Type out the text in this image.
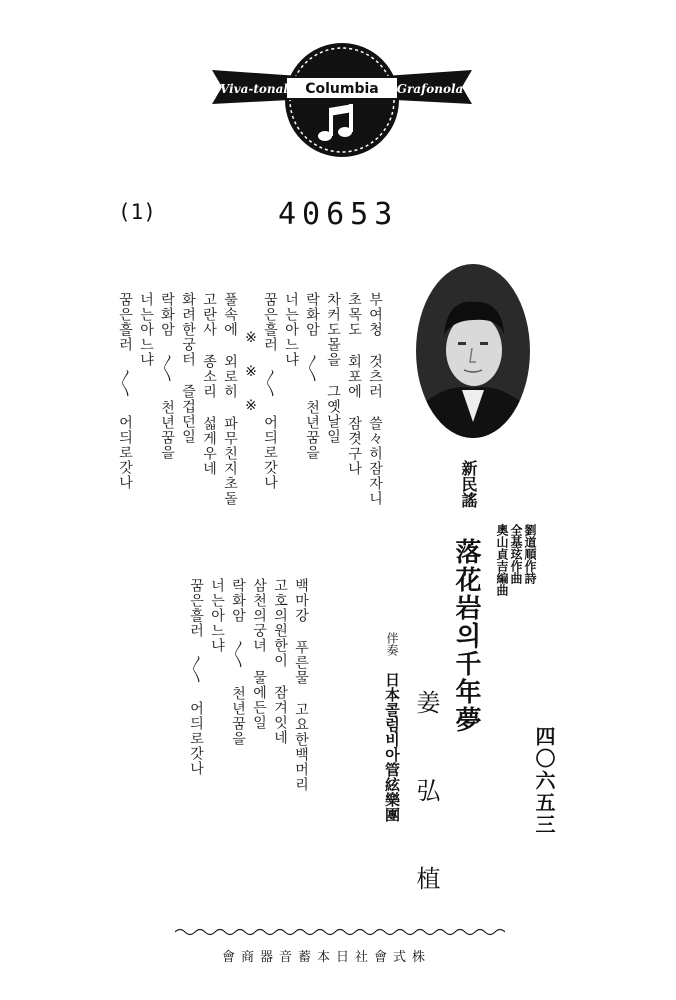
Columbia
Viva-tonal	Grafonola
(1)	40653
부여청 것츠러 쓸々히잠자니
초목도 회포에 잠겻구나
차커도몰을 그옛날일
락화암 〳〵 천년꿈을
너는아느냐
꿈은흘러 〳〵 어듸로갓나
※ ※ ※
풀속에 외로히 파무친지초돌
고란사 종소리 섧게우네
화려한궁터 즐겁던일
락화암 〳〵 천년꿈을
너는아느냐
꿈은흘러 〳〵 어듸로갓나
백마강 푸른물 고요한백머리
고호의원한이 잠겨잇네
삼천의궁녀 물에든일
락화암 〳〵 천년꿈을
너는아느냐
꿈은흘러 〳〵 어듸로갓나
新民謠
落花岩의千年夢
姜 弘 植
伴奏
日本콜럼비아管絃樂團
劉道順作詩
全基玹作曲
奧山貞吉編曲
四〇六五三
株式會社日本蓄音器商會
